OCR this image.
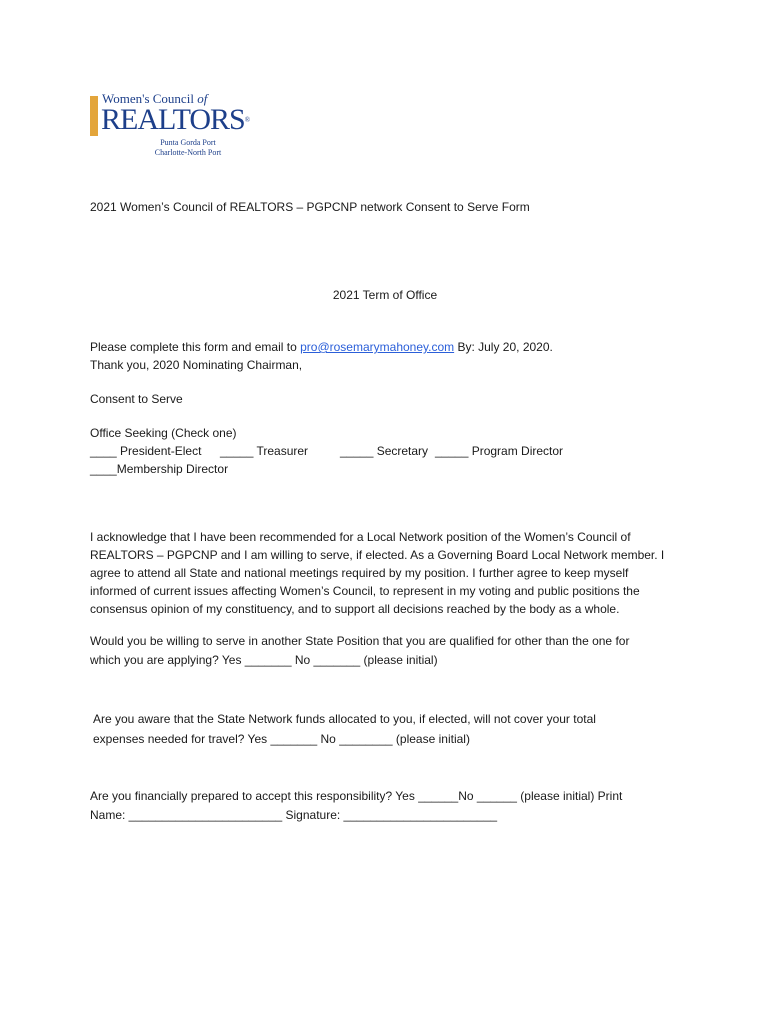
Women's Council of
REALTORS®
Punta Gorda Port
Charlotte-North Port

2021 Women’s Council of REALTORS – PGPCNP network Consent to Serve Form

2021 Term of Office

Please complete this form and email to pro@rosemarymahoney.com By: July 20, 2020.

Thank you, 2020 Nominating Chairman,

Consent to Serve

Office Seeking (Check one)

____ President-Elect _____ Treasurer	_____ Secretary _____ Program Director

____Membership Director

I acknowledge that I have been recommended for a Local Network position of the Women’s Council of

REALTORS – PGPCNP and I am willing to serve, if elected. As a Governing Board Local Network member. I

agree to attend all State and national meetings required by my position. I further agree to keep myself

informed of current issues affecting Women’s Council, to represent in my voting and public positions the

consensus opinion of my constituency, and to support all decisions reached by the body as a whole.

Would you be willing to serve in another State Position that you are qualified for other than the one for

which you are applying? Yes _______ No _______ (please initial)

Are you aware that the State Network funds allocated to you, if elected, will not cover your total

expenses needed for travel? Yes _______ No ________ (please initial)

Are you financially prepared to accept this responsibility? Yes ______No ______ (please initial) Print

Name: _______________________ Signature: _______________________
